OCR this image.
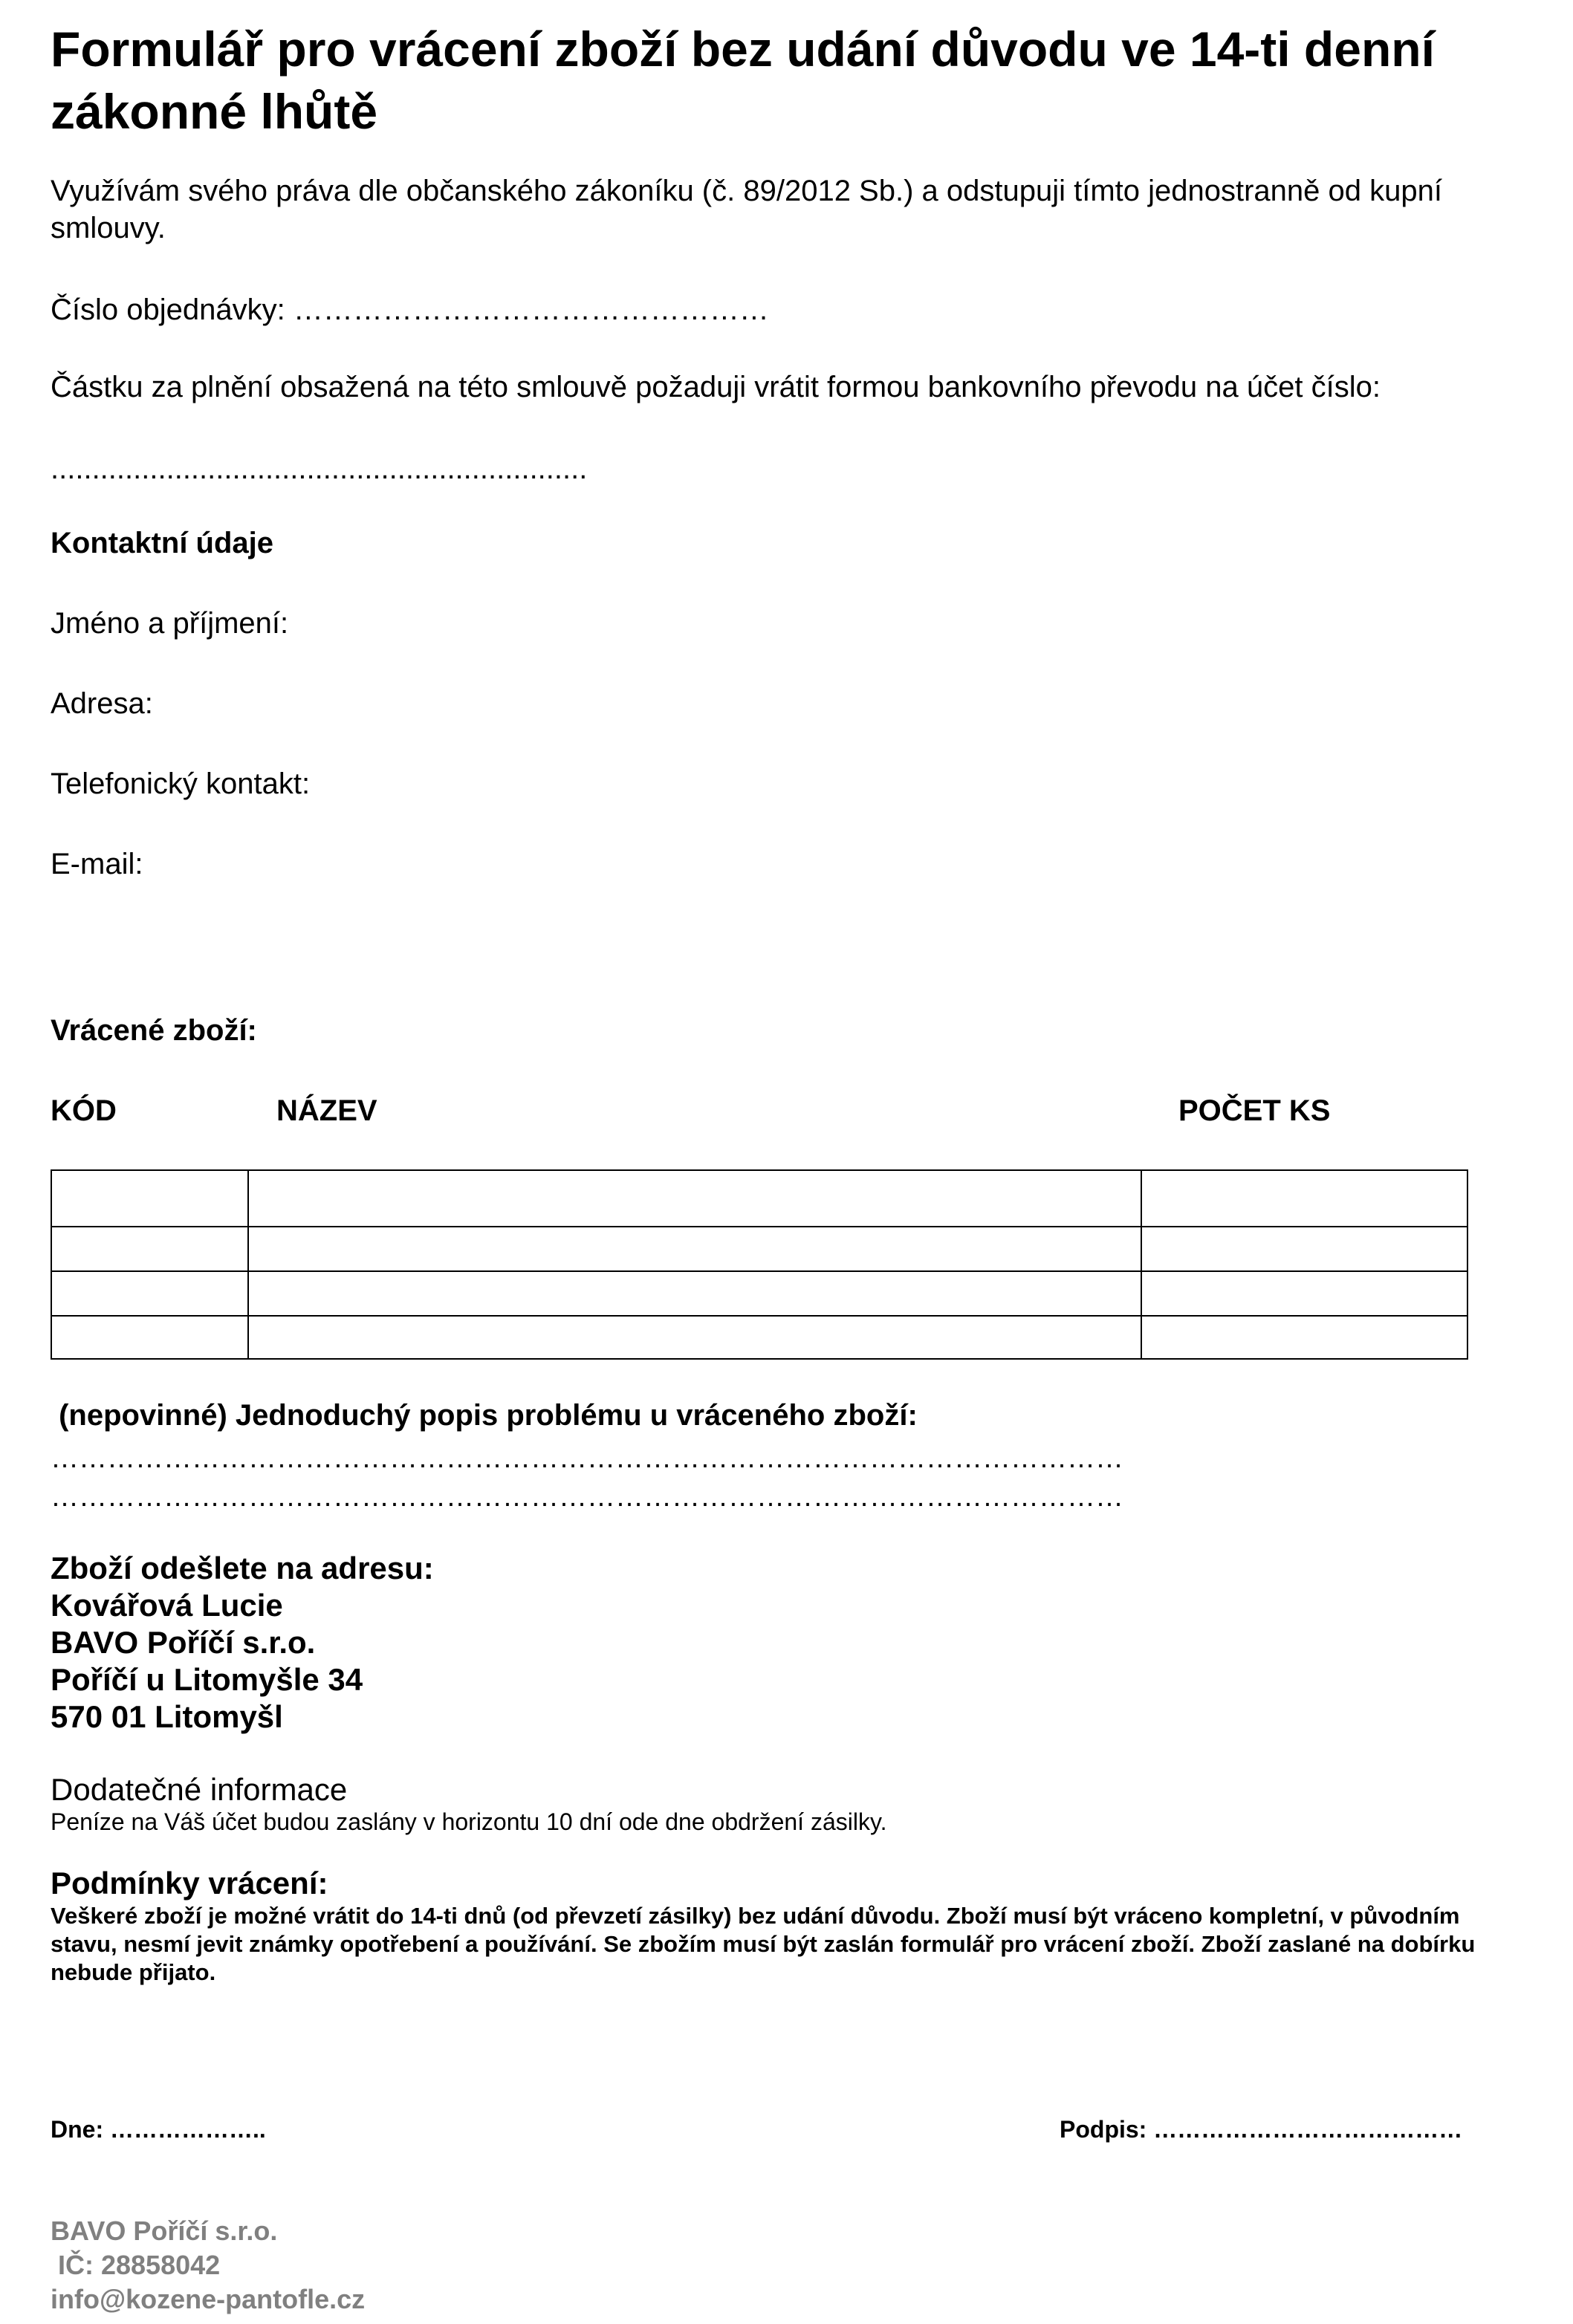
Formulář pro vrácení zboží bez udání důvodu ve 14-ti denní zákonné lhůtě
Využívám svého práva dle občanského zákoníku (č. 89/2012 Sb.) a odstupuji tímto jednostranně od kupní smlouvy.
Číslo objednávky: …………………………………………
Částku za plnění obsažená na této smlouvě požaduji vrátit formou bankovního převodu na účet číslo:
.................................................................
Kontaktní údaje
Jméno a příjmení:
Adresa:
Telefonický kontakt:
E-mail:
Vrácené zboží:
KÓD	NÁZEV	POČET KS

(nepovinné) Jednoduchý popis problému u vráceného zboží:
……………………………………………………………………………………………………
……………………………………………………………………………………………………
Zboží odešlete na adresu:
Kovářová Lucie
BAVO Poříčí s.r.o.
Poříčí u Litomyšle 34
570 01 Litomyšl
Dodatečné informace
Peníze na Váš účet budou zaslány v horizontu 10 dní ode dne obdržení zásilky.
Podmínky vrácení:
Veškeré zboží je možné vrátit do 14-ti dnů (od převzetí zásilky) bez udání důvodu. Zboží musí být vráceno kompletní, v původním stavu, nesmí jevit známky opotřebení a používání. Se zbožím musí být zaslán formulář pro vrácení zboží. Zboží zaslané na dobírku nebude přijato.
Dne: ………………..	Podpis: …………………………………
BAVO Poříčí s.r.o.
IČ: 28858042
info@kozene-pantofle.cz
